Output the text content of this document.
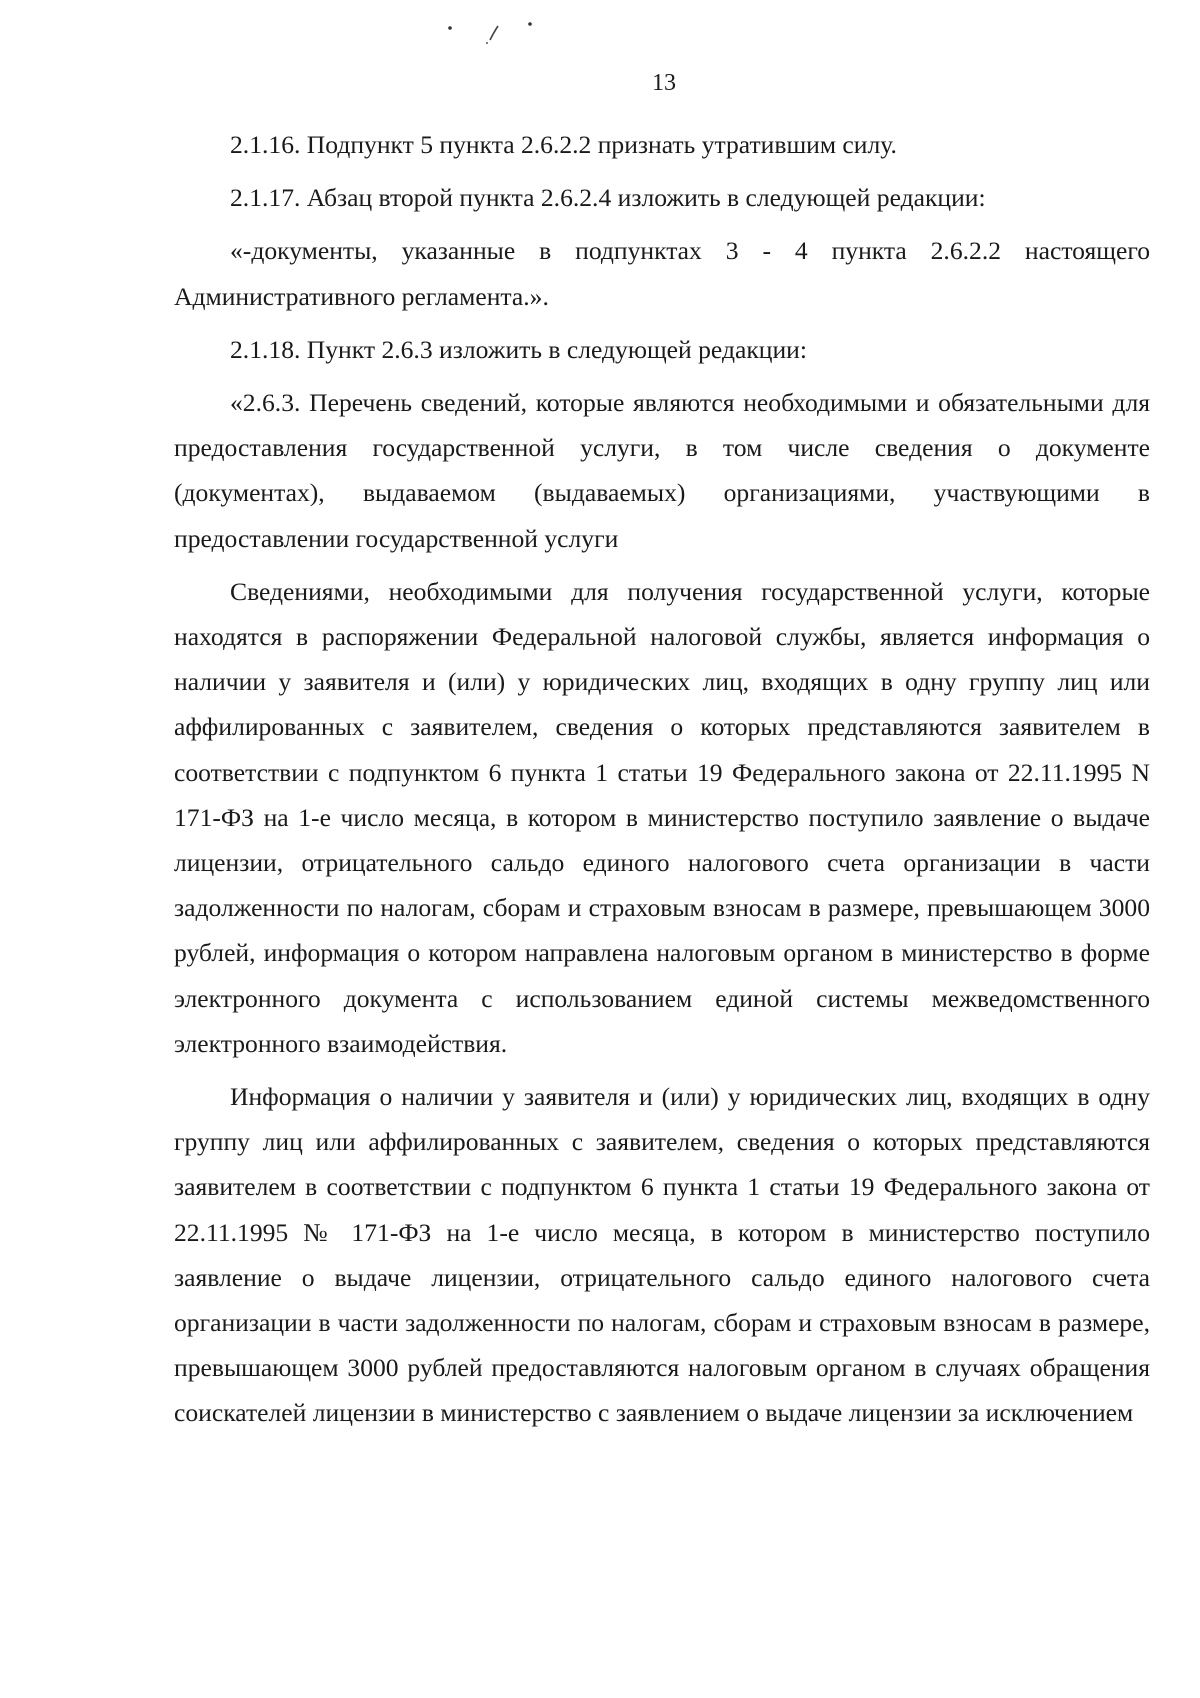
13

2.1.16. Подпункт 5 пункта 2.6.2.2 признать утратившим силу.

2.1.17. Абзац второй пункта 2.6.2.4 изложить в следующей редакции:

«-документы, указанные в подпунктах 3 - 4 пункта 2.6.2.2 настоящего Административного регламента.».

2.1.18. Пункт 2.6.3 изложить в следующей редакции:

«2.6.3. Перечень сведений, которые являются необходимыми и обязательными для предоставления государственной услуги, в том числе сведения о документе (документах), выдаваемом (выдаваемых) организациями, участвующими в предоставлении государственной услуги

Сведениями, необходимыми для получения государственной услуги, которые находятся в распоряжении Федеральной налоговой службы, является информация о наличии у заявителя и (или) у юридических лиц, входящих в одну группу лиц или аффилированных с заявителем, сведения о которых представляются заявителем в соответствии с подпунктом 6 пункта 1 статьи 19 Федерального закона от 22.11.1995 N 171-ФЗ на 1-е число месяца, в котором в министерство поступило заявление о выдаче лицензии, отрицательного сальдо единого налогового счета организации в части задолженности по налогам, сборам и страховым взносам в размере, превышающем 3000 рублей, информация о котором направлена налоговым органом в министерство в форме электронного документа с использованием единой системы межведомственного электронного взаимодействия.

Информация о наличии у заявителя и (или) у юридических лиц, входящих в одну группу лиц или аффилированных с заявителем, сведения о которых представляются заявителем в соответствии с подпунктом 6 пункта 1 статьи 19 Федерального закона от 22.11.1995 № 171-ФЗ на 1-е число месяца, в котором в министерство поступило заявление о выдаче лицензии, отрицательного сальдо единого налогового счета организации в части задолженности по налогам, сборам и страховым взносам в размере, превышающем 3000 рублей предоставляются налоговым органом в случаях обращения соискателей лицензии в министерство с заявлением о выдаче лицензии за исключением
